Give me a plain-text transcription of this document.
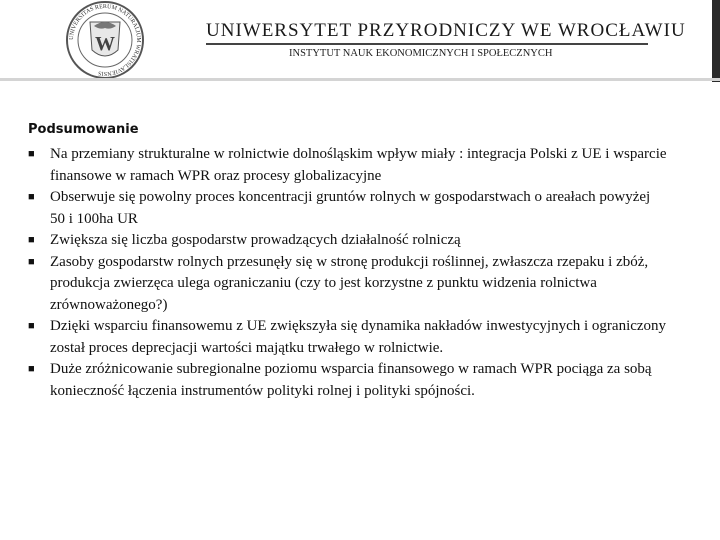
UNIVERSITAS RERUM NATURALIUM WRATISLAVIENSIS
W
UNIWERSYTET PRZYRODNICZY WE WROCŁAWIU
INSTYTUT NAUK EKONOMICZNYCH I SPOŁECZNYCH
Podsumowanie
■	Na przemiany strukturalne w rolnictwie dolnośląskim wpływ miały : integracja Polski z UE i wsparcie finansowe w ramach WPR oraz procesy globalizacyjne
■	Obserwuje się powolny proces koncentracji gruntów rolnych w gospodarstwach o areałach powyżej 50 i 100ha UR
■	Zwiększa się liczba gospodarstw prowadzących działalność rolniczą
■	Zasoby gospodarstw rolnych przesunęły się w stronę produkcji roślinnej, zwłaszcza rzepaku i zbóż, produkcja zwierzęca ulega ograniczaniu (czy to jest korzystne z punktu widzenia rolnictwa zrównoważonego?)
■	Dzięki wsparciu finansowemu z UE zwiększyła się dynamika nakładów inwestycyjnych i ograniczony został proces deprecjacji wartości majątku trwałego w rolnictwie.
■	Duże zróżnicowanie subregionalne poziomu wsparcia finansowego w ramach WPR pociąga za sobą konieczność łączenia instrumentów polityki rolnej i polityki spójności.
